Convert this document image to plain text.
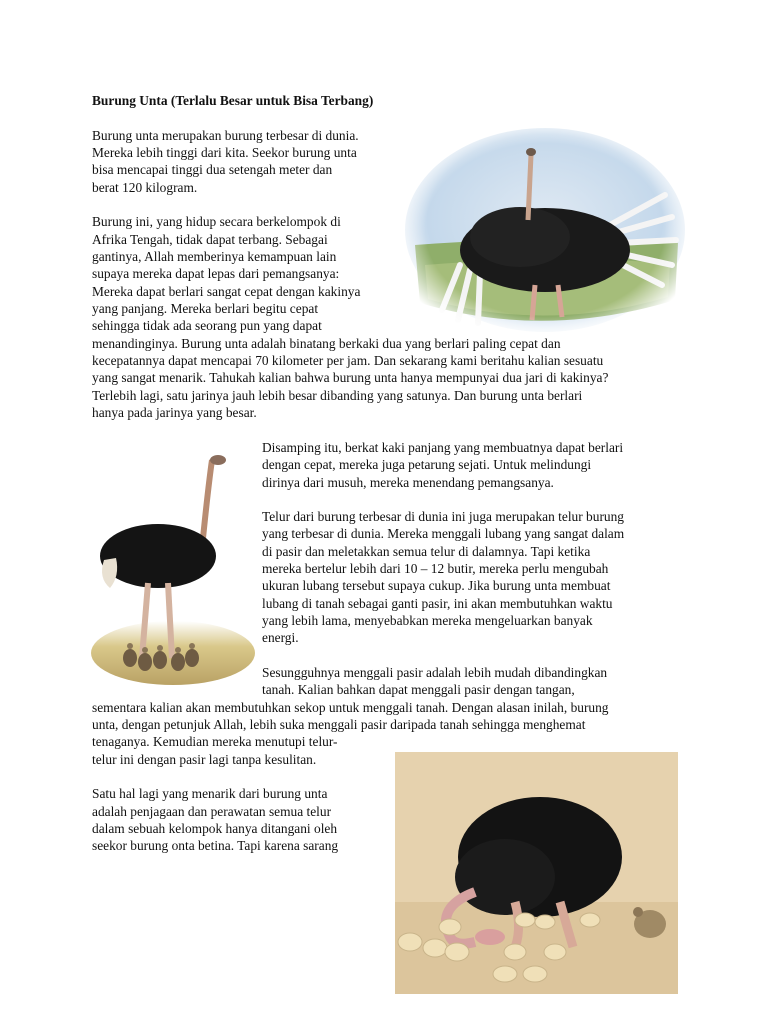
Burung Unta (Terlalu Besar untuk Bisa Terbang)

Burung unta merupakan burung terbesar di dunia.

Mereka lebih tinggi dari kita. Seekor burung unta

bisa mencapai tinggi dua setengah meter dan

berat 120 kilogram.

Burung ini, yang hidup secara berkelompok di

Afrika Tengah, tidak dapat terbang. Sebagai

gantinya, Allah memberinya kemampuan lain

supaya mereka dapat lepas dari pemangsanya:

Mereka dapat berlari sangat cepat dengan kakinya

yang panjang. Mereka berlari begitu cepat

sehingga tidak ada seorang pun yang dapat

menandinginya. Burung unta adalah binatang berkaki dua yang berlari paling cepat dan

kecepatannya dapat mencapai 70 kilometer per jam. Dan sekarang kami beritahu kalian sesuatu

yang sangat menarik. Tahukah kalian bahwa burung unta hanya mempunyai dua jari di kakinya?

Terlebih lagi, satu jarinya jauh lebih besar dibanding yang satunya. Dan burung unta berlari

hanya pada jarinya yang besar.

Disamping itu, berkat kaki panjang yang membuatnya dapat berlari

dengan cepat, mereka juga petarung sejati. Untuk melindungi

dirinya dari musuh, mereka menendang pemangsanya.

Telur dari burung terbesar di dunia ini juga merupakan telur burung

yang terbesar di dunia. Mereka menggali lubang yang sangat dalam

di pasir dan meletakkan semua telur di dalamnya. Tapi ketika

mereka bertelur lebih dari 10 – 12 butir, mereka perlu mengubah

ukuran lubang tersebut supaya cukup. Jika burung unta membuat

lubang di tanah sebagai ganti pasir, ini akan membutuhkan waktu

yang lebih lama, menyebabkan mereka mengeluarkan banyak

energi.

Sesungguhnya menggali pasir adalah lebih mudah dibandingkan

tanah. Kalian bahkan dapat menggali pasir dengan tangan,

sementara kalian akan membutuhkan sekop untuk menggali tanah. Dengan alasan inilah, burung

unta, dengan petunjuk Allah, lebih suka menggali pasir daripada tanah sehingga menghemat

tenaganya. Kemudian mereka menutupi telur-

telur ini dengan pasir lagi tanpa kesulitan.

Satu hal lagi yang menarik dari burung unta

adalah penjagaan dan perawatan semua telur

dalam sebuah kelompok hanya ditangani oleh

seekor burung onta betina. Tapi karena sarang
